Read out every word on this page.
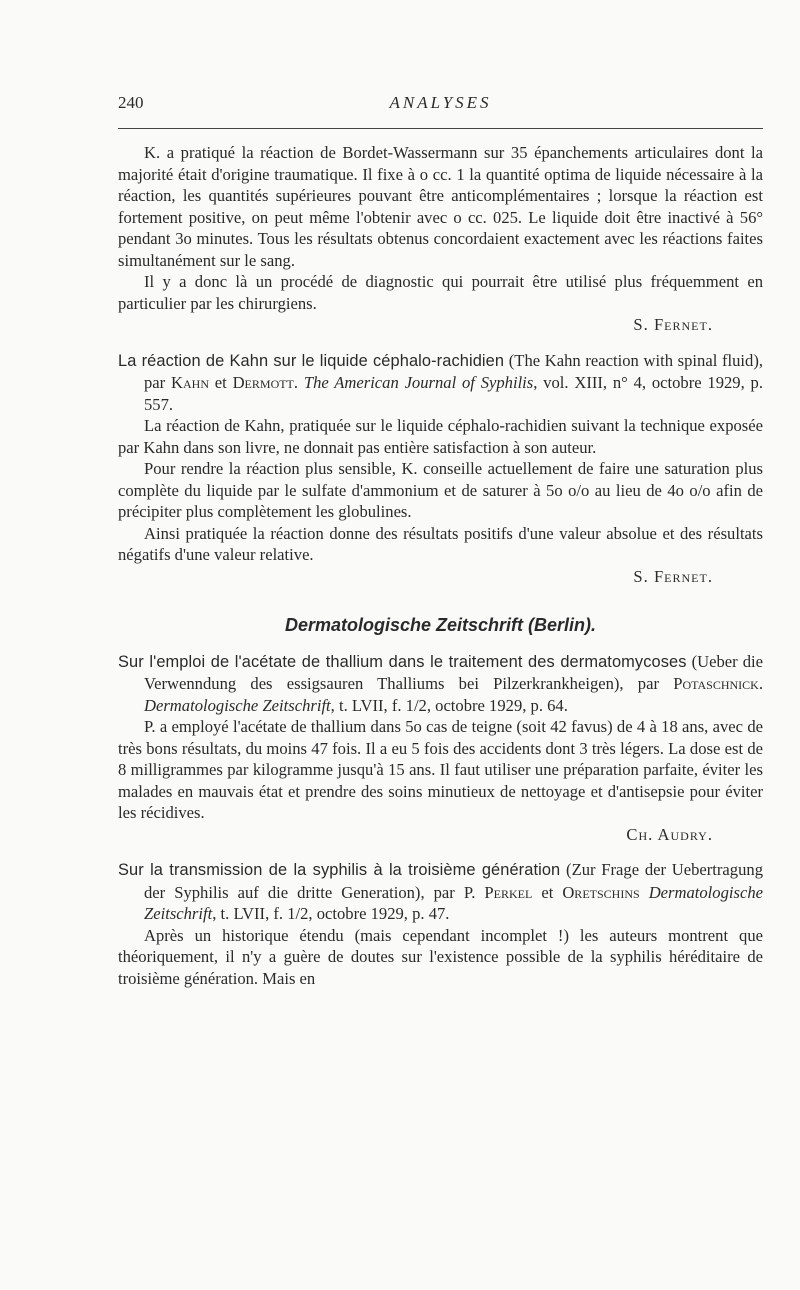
240	ANALYSES

K. a pratiqué la réaction de Bordet-Wassermann sur 35 épanchements articulaires dont la majorité était d'origine traumatique. Il fixe à o cc. 1 la quantité optima de liquide nécessaire à la réaction, les quantités supérieures pouvant être anticomplémentaires ; lorsque la réaction est fortement positive, on peut même l'obtenir avec o cc. 025. Le liquide doit être inactivé à 56° pendant 3o minutes. Tous les résultats obtenus concordaient exactement avec les réactions faites simultanément sur le sang.

Il y a donc là un procédé de diagnostic qui pourrait être utilisé plus fréquemment en particulier par les chirurgiens.

S. Fernet.

La réaction de Kahn sur le liquide céphalo-rachidien (The Kahn reaction with spinal fluid), par Kahn et Dermott. The American Journal of Syphilis, vol. XIII, n° 4, octobre 1929, p. 557.

La réaction de Kahn, pratiquée sur le liquide céphalo-rachidien suivant la technique exposée par Kahn dans son livre, ne donnait pas entière satisfaction à son auteur.

Pour rendre la réaction plus sensible, K. conseille actuellement de faire une saturation plus complète du liquide par le sulfate d'ammonium et de saturer à 5o o/o au lieu de 4o o/o afin de précipiter plus complètement les globulines.

Ainsi pratiquée la réaction donne des résultats positifs d'une valeur absolue et des résultats négatifs d'une valeur relative.

S. Fernet.

Dermatologische Zeitschrift (Berlin).

Sur l'emploi de l'acétate de thallium dans le traitement des dermatomycoses (Ueber die Verwenndung des essigsauren Thalliums bei Pilzerkrankheigen), par Potaschnick. Dermatologische Zeitschrift, t. LVII, f. 1/2, octobre 1929, p. 64.

P. a employé l'acétate de thallium dans 5o cas de teigne (soit 42 favus) de 4 à 18 ans, avec de très bons résultats, du moins 47 fois. Il a eu 5 fois des accidents dont 3 très légers. La dose est de 8 milligrammes par kilogramme jusqu'à 15 ans. Il faut utiliser une préparation parfaite, éviter les malades en mauvais état et prendre des soins minutieux de nettoyage et d'antisepsie pour éviter les récidives.

Ch. Audry.

Sur la transmission de la syphilis à la troisième génération (Zur Frage der Uebertragung der Syphilis auf die dritte Generation), par P. Perkel et Oretschins Dermatologische Zeitschrift, t. LVII, f. 1/2, octobre 1929, p. 47.

Après un historique étendu (mais cependant incomplet !) les auteurs montrent que théoriquement, il n'y a guère de doutes sur l'existence possible de la syphilis héréditaire de troisième génération. Mais en
